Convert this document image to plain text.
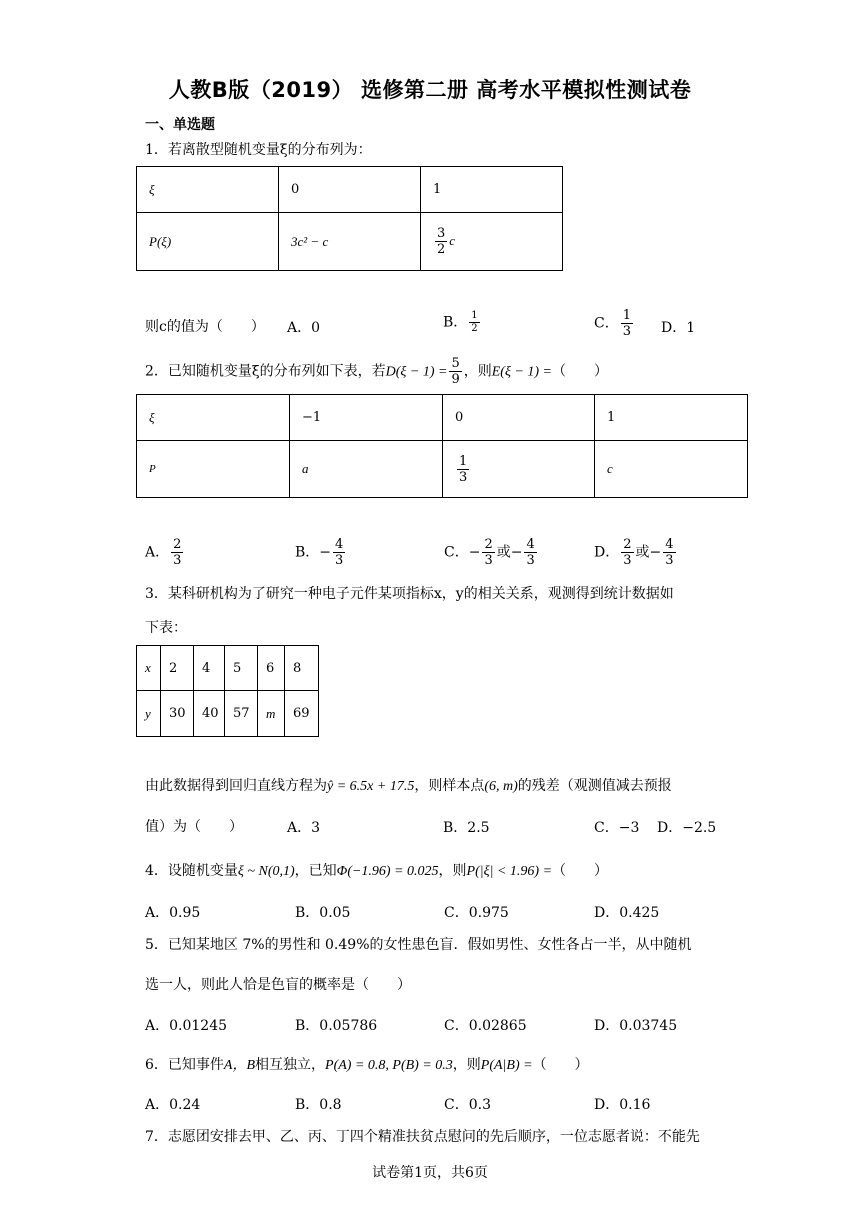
人教B版（2019） 选修第二册 高考水平模拟性测试卷
一、单选题
1．若离散型随机变量ξ的分布列为：
ξ	0	1
P(ξ)	3c² − c	$\frac{3}{2}$ c
则c的值为（　　） A．0	B． $\frac{1}{2}$	C． $\frac{1}{3}$ D．1
2．已知随机变量ξ的分布列如下表，若$D(\xi - 1) = \frac{5}{9}$ ，则E(ξ − 1) =（　　）
ξ	−1	0	1
P	a	$\frac{1}{3}$	c
A． $\frac{2}{3}$	B．− $\frac{4}{3}$	C．− $\frac{2}{3}$ 或− $\frac{4}{3}$	D． $\frac{2}{3}$ 或− $\frac{4}{3}$
3．某科研机构为了研究一种电子元件某项指标x，y的相关关系，观测得到统计数据如
下表：
x	2	4	5	6	8
y	30	40	57	m	69
由此数据得到回归直线方程为ŷ = 6.5x + 17.5，则样本点(6, m)的残差（观测值减去预报
值）为（　　）	A．3	B．2.5	C．−3 D．−2.5
4．设随机变量ξ ~ N(0,1)，已知Φ(−1.96) = 0.025，则P(|ξ| < 1.96) =（　　）
A．0.95	B．0.05	C．0.975	D．0.425
5．已知某地区 7%的男性和 0.49%的女性患色盲．假如男性、女性各占一半，从中随机
选一人，则此人恰是色盲的概率是（　　）
A．0.01245	B．0.05786	C．0.02865	D．0.03745
6．已知事件A，B相互独立，P(A) = 0.8, P(B) = 0.3，则P(A|B) =（　　）
A．0.24	B．0.8	C．0.3	D．0.16
7．志愿团安排去甲、乙、丙、丁四个精准扶贫点慰问的先后顺序，一位志愿者说：不能先
试卷第1页，共6页
